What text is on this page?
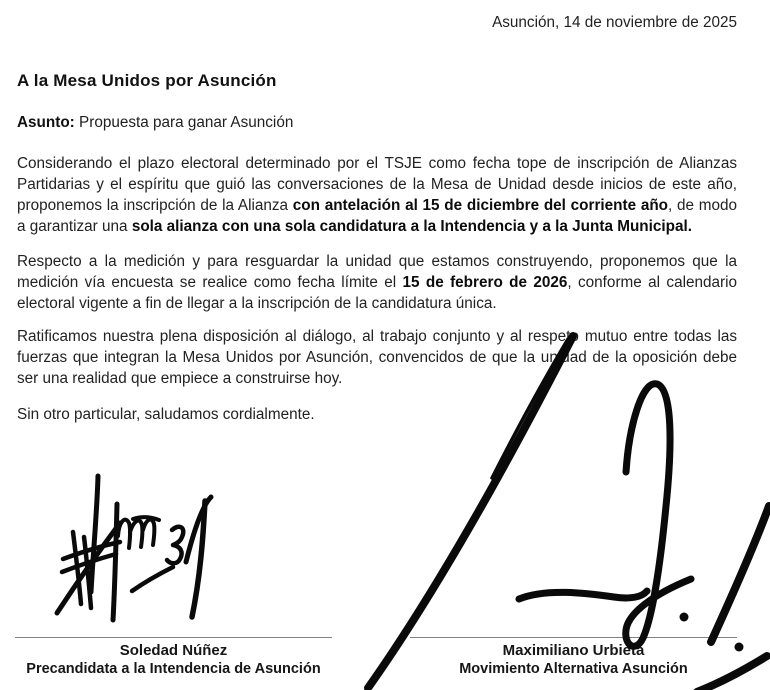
Asunción, 14 de noviembre de 2025
A la Mesa Unidos por Asunción
Asunto: Propuesta para ganar Asunción

Considerando el plazo electoral determinado por el TSJE como fecha tope de inscripción de Alianzas Partidarias y el espíritu que guió las conversaciones de la Mesa de Unidad desde inicios de este año, proponemos la inscripción de la Alianza con antelación al 15 de diciembre del corriente año, de modo a garantizar una sola alianza con una sola candidatura a la Intendencia y a la Junta Municipal.

Respecto a la medición y para resguardar la unidad que estamos construyendo, proponemos que la medición vía encuesta se realice como fecha límite el 15 de febrero de 2026, conforme al calendario electoral vigente a fin de llegar a la inscripción de la candidatura única.

Ratificamos nuestra plena disposición al diálogo, al trabajo conjunto y al respeto mutuo entre todas las fuerzas que integran la Mesa Unidos por Asunción, convencidos de que la unidad de la oposición debe ser una realidad que empiece a construirse hoy.

Sin otro particular, saludamos cordialmente.

Soledad Núñez
Precandidata a la Intendencia de Asunción
Maximiliano Urbieta
Movimiento Alternativa Asunción
